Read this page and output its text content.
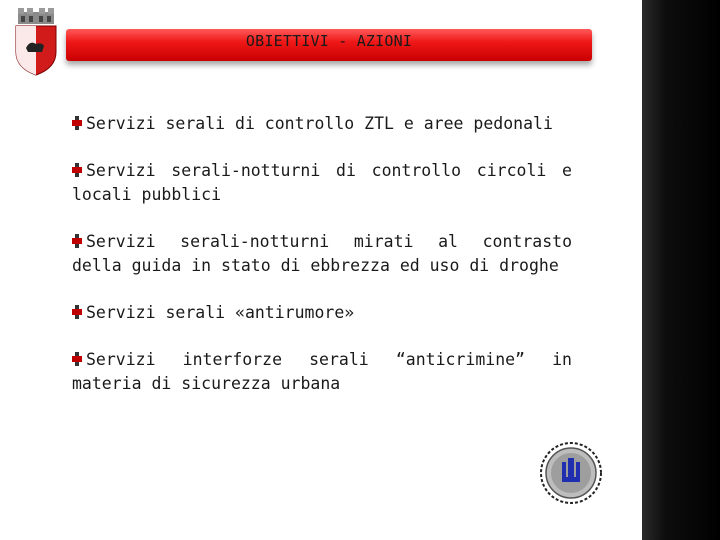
OBIETTIVI - AZIONI
Servizi serali di controllo ZTL e aree pedonali
Servizi serali-notturni di controllo circoli e locali pubblici
Servizi serali-notturni mirati al contrasto della guida in stato di ebbrezza ed uso di droghe
Servizi serali «antirumore»
Servizi interforze serali “anticrimine” in materia di sicurezza urbana
